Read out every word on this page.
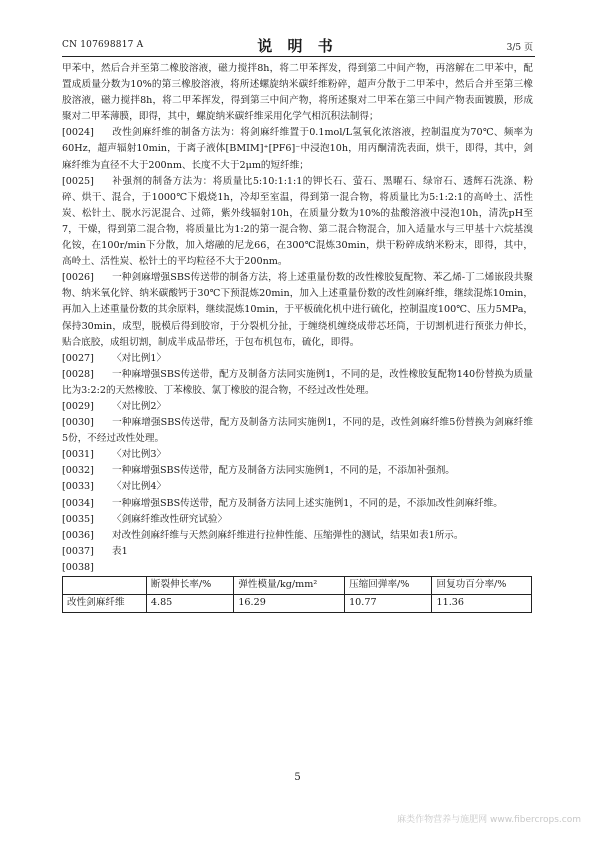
CN 107698817 A	说 明 书	3/5 页

甲苯中，然后合并至第二橡胶溶液，磁力搅拌8h，将二甲苯挥发，得到第二中间产物，再溶解在二甲苯中，配置成质量分数为10%的第三橡胶溶液，将所述螺旋纳米碳纤维粉碎，超声分散于二甲苯中，然后合并至第三橡胶溶液，磁力搅拌8h，将二甲苯挥发，得到第三中间产物，将所述聚对二甲苯在第三中间产物表面镀膜，形成聚对二甲苯薄膜，即得，其中，螺旋纳米碳纤维采用化学气相沉积法制得；

[0024] 改性剑麻纤维的制备方法为：将剑麻纤维置于0.1mol/L氢氧化浓溶液，控制温度为70℃、频率为60Hz，超声辐射10min，于离子液体[BMIM]⁺[PF6]⁻中浸泡10h，用丙酮清洗表面，烘干，即得，其中，剑麻纤维为直径不大于200nm、长度不大于2μm的短纤维；

[0025] 补强剂的制备方法为：将质量比5:10:1:1:1的钾长石、萤石、黑曜石、绿帘石、透辉石洗涤、粉碎、烘干、混合，于1000℃下煅烧1h，冷却至室温，得到第一混合物，将质量比为5:1:2:1的高岭土、活性炭、松针土、脱水污泥混合、过筛，紫外线辐射10h，在质量分数为10%的盐酸溶液中浸泡10h，清洗pH至7，干燥，得到第二混合物，将质量比为1:2的第一混合物、第二混合物混合，加入适量水与三甲基十六烷基溴化铵，在100r/min下分散，加入熔融的尼龙66，在300℃混炼30min，烘干粉碎成纳米粉末，即得，其中，高岭土、活性炭、松针土的平均粒径不大于200nm。

[0026] 一种剑麻增强SBS传送带的制备方法，将上述重量份数的改性橡胶复配物、苯乙烯-丁二烯嵌段共聚物、纳米氧化锌、纳米碳酸钙于30℃下预混炼20min，加入上述重量份数的改性剑麻纤维，继续混炼10min，再加入上述重量份数的其余原料，继续混炼10min，于平板硫化机中进行硫化，控制温度100℃、压力5MPa，保持30min，成型，脱模后得到胶帘，于分裂机分扯，于缠绕机缠绕成带芯坯筒，于切割机进行预张力伸长，贴合底胶，成组切割，制成半成品带坯，于包布机包布，硫化，即得。

[0027] 〈对比例1〉

[0028] 一种麻增强SBS传送带，配方及制备方法同实施例1，不同的是，改性橡胶复配物140份替换为质量比为3:2:2的天然橡胶、丁苯橡胶、氯丁橡胶的混合物，不经过改性处理。

[0029] 〈对比例2〉

[0030] 一种麻增强SBS传送带，配方及制备方法同实施例1，不同的是，改性剑麻纤维5份替换为剑麻纤维5份，不经过改性处理。

[0031] 〈对比例3〉

[0032] 一种麻增强SBS传送带，配方及制备方法同实施例1，不同的是，不添加补强剂。

[0033] 〈对比例4〉

[0034] 一种麻增强SBS传送带，配方及制备方法同上述实施例1，不同的是，不添加改性剑麻纤维。

[0035] 〈剑麻纤维改性研究试验〉

[0036] 对改性剑麻纤维与天然剑麻纤维进行拉伸性能、压缩弹性的测试，结果如表1所示。

[0037] 表1

[0038]

	断裂伸长率/%	弹性模量/kg/mm²	压缩回弹率/%	回复功百分率/%
改性剑麻纤维	4.85	16.29	10.77	11.36
5
麻类作物营养与施肥网 www.fibercrops.com
